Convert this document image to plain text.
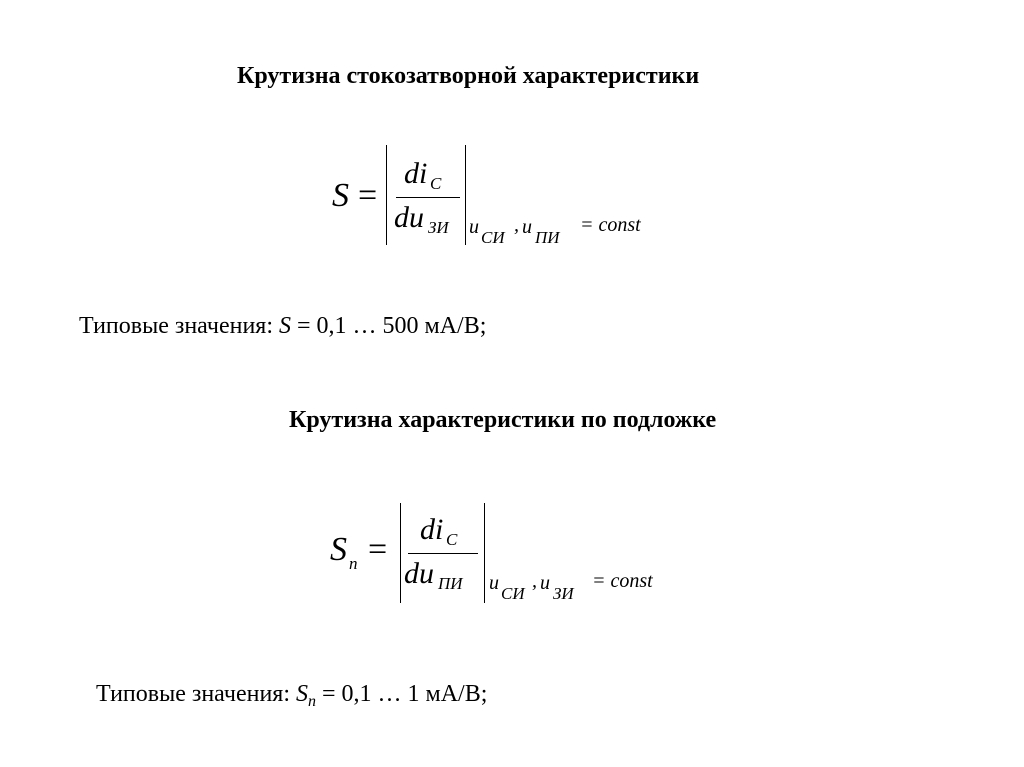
Крутизна стокозатворной характеристики
S =
di C
du ЗИ u СИ
, u ПИ
= const
Типовые значения: S = 0,1 … 500 мА/В;
Крутизна характеристики по подложке
S n =
di C
du ПИ u СИ
, u ЗИ
= const
Типовые значения: $S_n = 0,1$ … 1 мА/В;
